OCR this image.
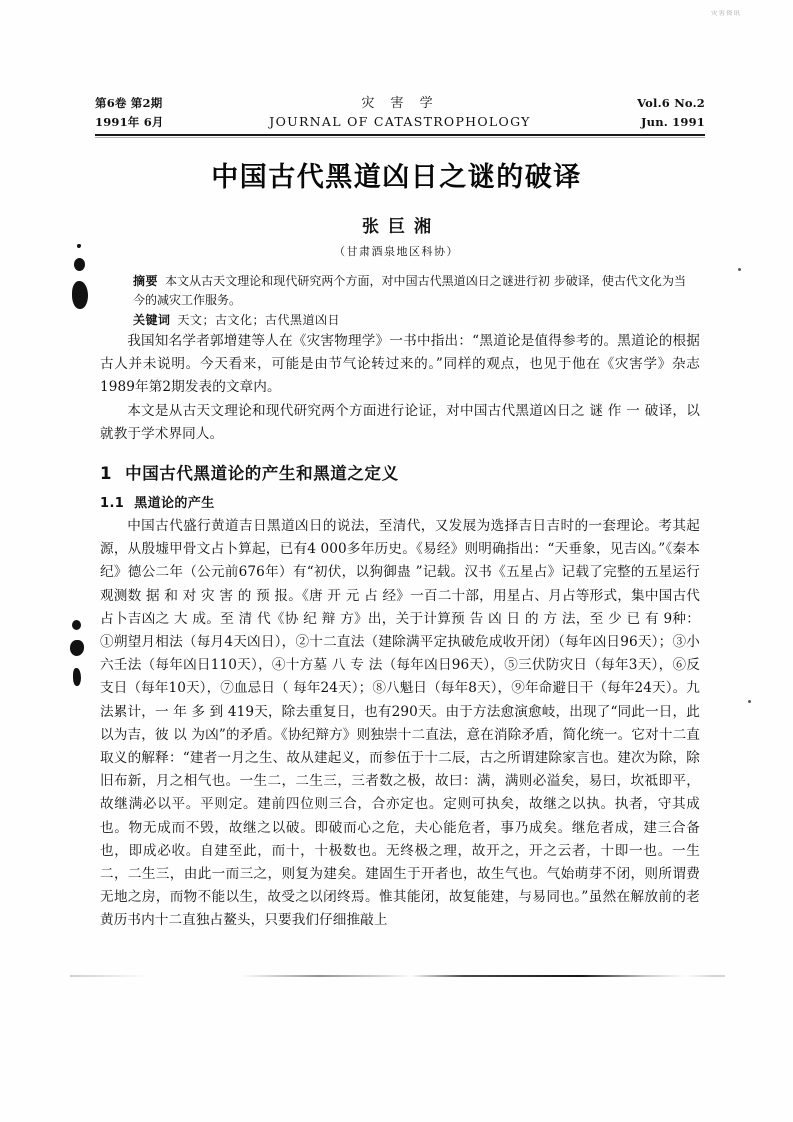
灾害资讯
第6卷 第2期	灾 害 学	Vol.6 No.2
1991年 6月	JOURNAL OF CATASTROPHOLOGY	Jun. 1991
中国古代黑道凶日之谜的破译
张巨湘
（甘肃酒泉地区科协）
摘要 本文从古天文理论和现代研究两个方面，对中国古代黑道凶日之谜进行初 步破译，使古代文化为当今的减灾工作服务。
关键词 天文；古文化；古代黑道凶日

我国知名学者郭增建等人在《灾害物理学》一书中指出：“黑道论是值得参考的。黑道论的根据古人并未说明。今天看来，可能是由节气论转过来的。”同样的观点，也见于他在《灾害学》杂志1989年第2期发表的文章内。

本文是从古天文理论和现代研究两个方面进行论证，对中国古代黑道凶日之 谜 作 一 破译，以就教于学术界同人。

1 中国古代黑道论的产生和黑道之定义
1.1 黑道论的产生

中国古代盛行黄道吉日黑道凶日的说法，至清代，又发展为选择吉日吉时的一套理论。考其起源，从殷墟甲骨文占卜算起，已有4 000多年历史。《易经》则明确指出：“天垂象，见吉凶。”《秦本纪》德公二年（公元前676年）有“初伏，以狗御蛊 ”记载。汉书《五星占》记载了完整的五星运行观测数 据 和 对 灾 害 的 预 报。《唐 开 元 占 经》一百二十部，用星占、月占等形式，集中国古代占卜吉凶之 大 成。至 清 代《协 纪 辩 方》出，关于计算预 告 凶 日 的 方 法，至 少 已 有 9种：①朔望月相法（每月4天凶日），②十二直法（建除满平定执破危成收开闭）（每年凶日96天）；③小六壬法（每年凶日110天），④十方墓 八 专 法（每年凶日96天），⑤三伏防灾日（每年3天），⑥反支日（每年10天），⑦血忌日（ 每年24天）；⑧八魁日（每年8天），⑨年命避日干（每年24天）。九法累计，一 年 多 到 419天，除去重复日，也有290天。由于方法愈演愈岐，出现了“同此一日，此以为吉，彼 以 为凶”的矛盾。《协纪辩方》则独崇十二直法，意在消除矛盾，简化统一。它对十二直取义的解释：“建者一月之生、故从建起义，而参伍于十二辰，古之所谓建除家言也。建次为除，除旧布新，月之相气也。一生二，二生三，三者数之极，故曰：满，满则必溢矣，易曰，坎祗即平，故继满必以平。平则定。建前四位则三合，合亦定也。定则可执矣，故继之以执。执者，守其成也。物无成而不毁，故继之以破。即破而心之危，夫心能危者，事乃成矣。继危者成，建三合备也，即成必收。自建至此，而十，十极数也。无终极之理，故开之，开之云者，十即一也。一生二，二生三，由此一而三之，则复为建矣。建固生于开者也，故生气也。气始萌芽不闭，则所谓费无地之房，而物不能以生，故受之以闭终焉。惟其能闭，故复能建，与易同也。”虽然在解放前的老黄历书内十二直独占鳌头，只要我们仔细推敲上
